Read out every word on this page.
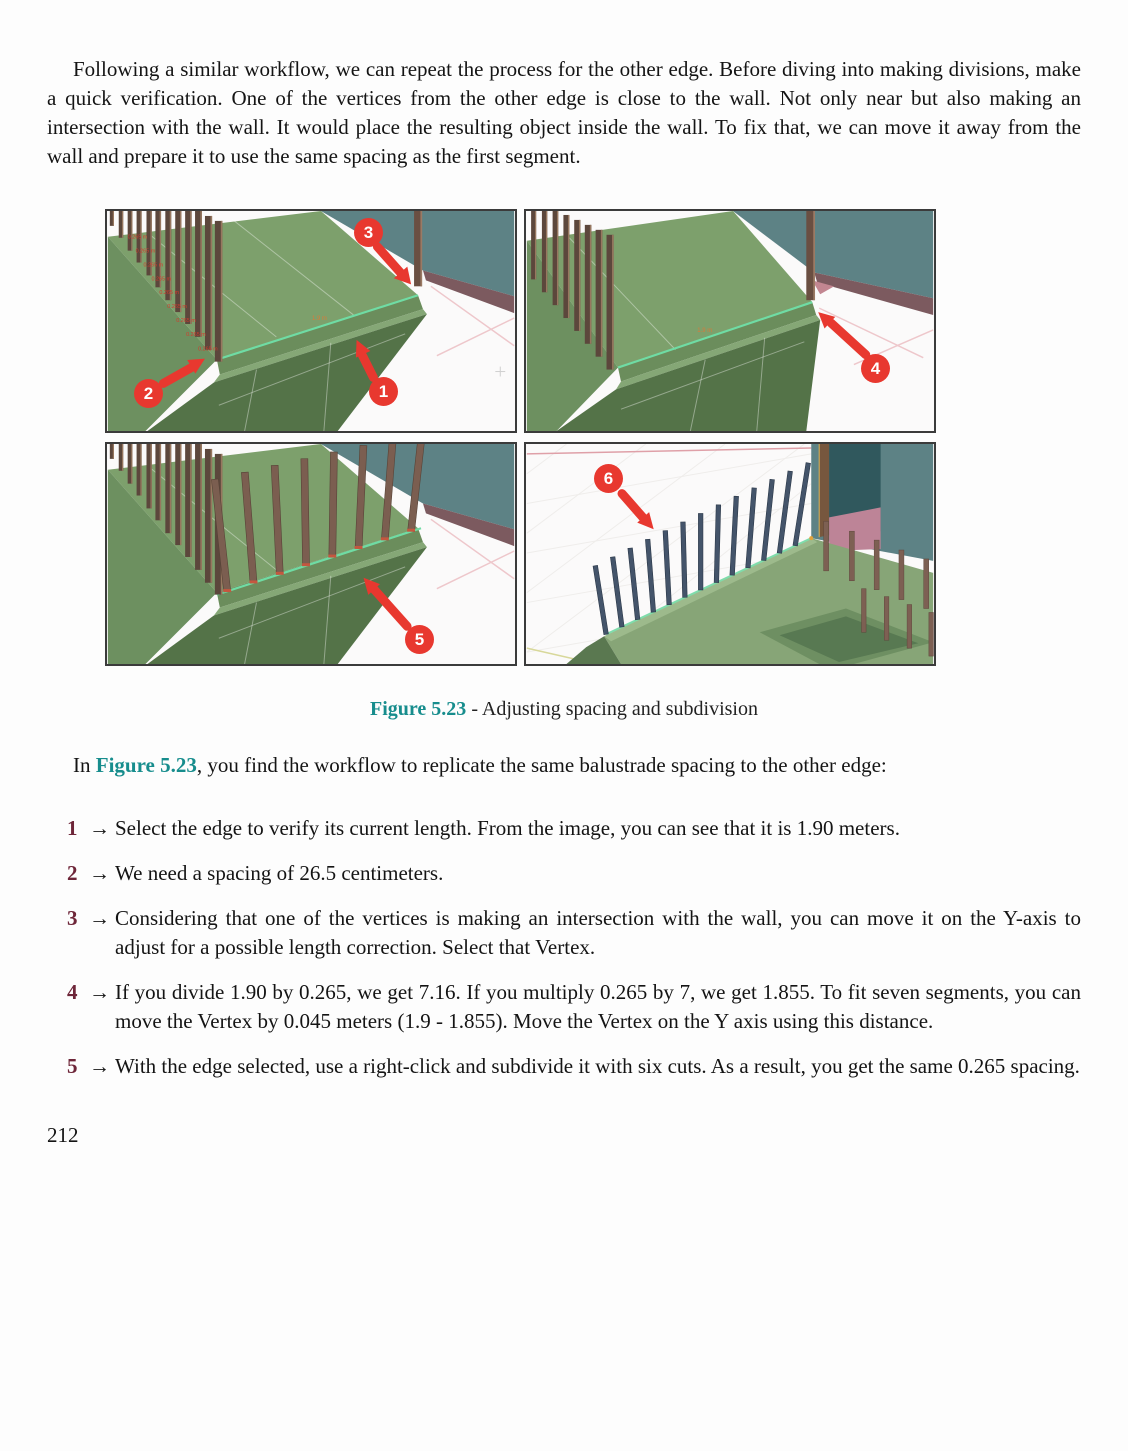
Following a similar workflow, we can repeat the process for the other edge. Before diving into making divisions, make a quick verification. One of the vertices from the other edge is close to the wall. Not only near but also making an intersection with the wall. It would place the resulting object inside the wall. To fix that, we can move it away from the wall and prepare it to use the same spacing as the first segment.

1.9 m
0.265 m
0.265 m
0.265 m
0.265 m
0.265 m
0.265 m
0.265 m
0.265 m
0.265 m
3
2	1
1.9 m
4
5
6
Figure 5.23 - Adjusting spacing and subdivision

In Figure 5.23, you find the workflow to replicate the same balustrade spacing to the other edge:

1 → Select the edge to verify its current length. From the image, you can see that it is 1.90 meters.
2 → We need a spacing of 26.5 centimeters.
3 → Considering that one of the vertices is making an intersection with the wall, you can move it on the Y-axis to adjust for a possible length correction. Select that Vertex.
4 → If you divide 1.90 by 0.265, we get 7.16. If you multiply 0.265 by 7, we get 1.855. To fit seven segments, you can move the Vertex by 0.045 meters (1.9 - 1.855). Move the Vertex on the Y axis using this distance.
5 → With the edge selected, use a right-click and subdivide it with six cuts. As a result, you get the same 0.265 spacing.
212
